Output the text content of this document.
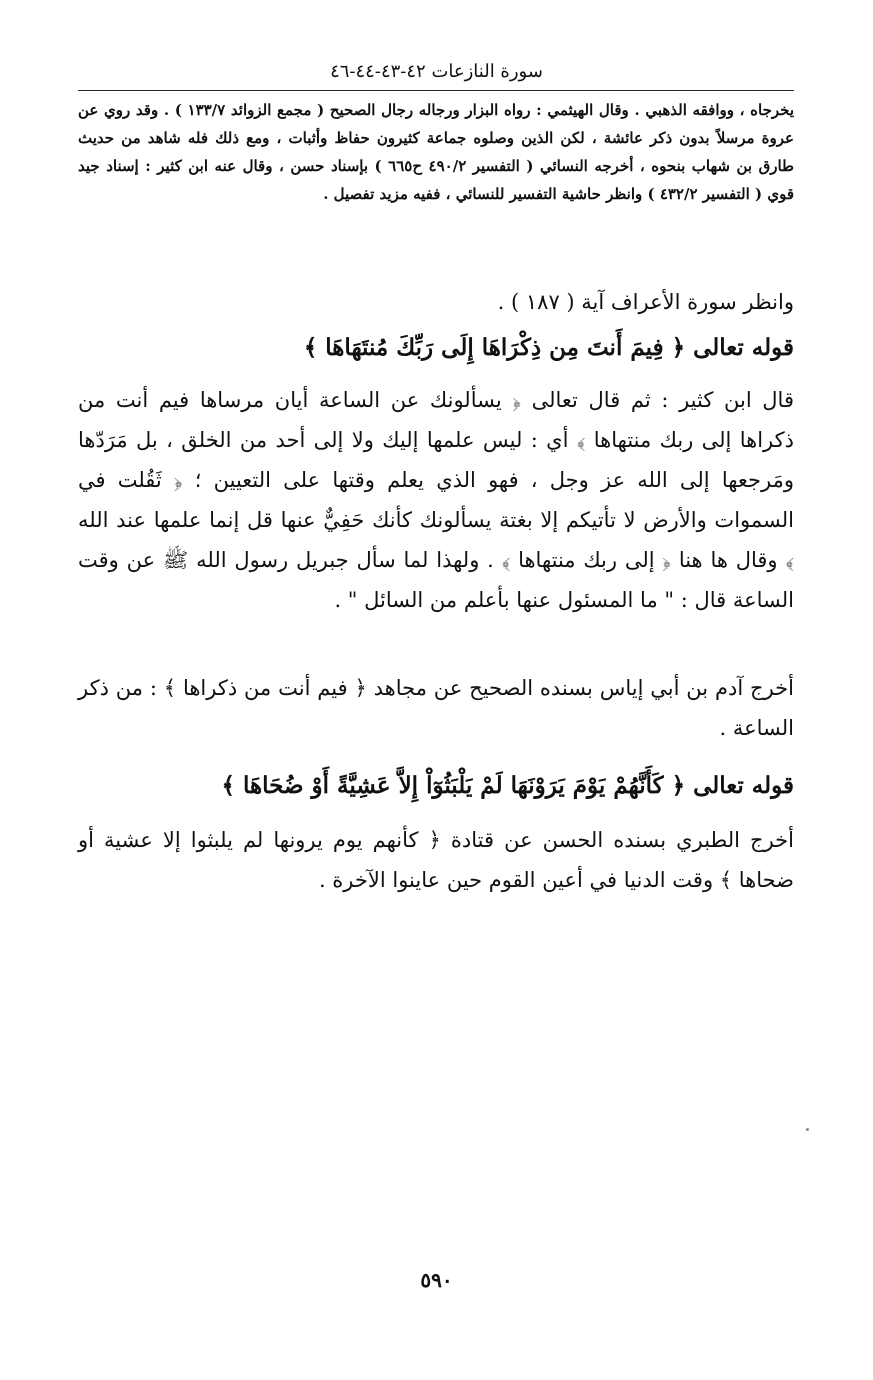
سورة النازعات ٤٢-٤٣-٤٤-٤٦

يخرجاه ، ووافقه الذهبي . وقال الهيثمي : رواه البزار ورجاله رجال الصحيح ( مجمع الزوائد ١٣٣/٧ ) . وقد روي عن عروة مرسلاً بدون ذكر عائشة ، لكن الذين وصلوه جماعة كثيرون حفاظ وأثبات ، ومع ذلك فله شاهد من حديث طارق بن شهاب بنحوه ، أخرجه النسائي ( التفسير ٤٩٠/٢ ح٦٦٥ ) بإسناد حسن ، وقال عنه ابن كثير : إسناد جيد قوي ( التفسير ٤٣٢/٢ ) وانظر حاشية التفسير للنسائي ، ففيه مزيد تفصيل .

وانظر سورة الأعراف آية ( ١٨٧ ) .

قوله تعالى ﴿ فِيمَ أَنتَ مِن ذِكْرَاهَا إِلَى رَبِّكَ مُنتَهَاهَا ﴾

قال ابن كثير : ثم قال تعالى ﴿ يسألونك عن الساعة أيان مرساها فيم أنت من ذكراها إلى ربك منتهاها ﴾ أي : ليس علمها إليك ولا إلى أحد من الخلق ، بل مَرَدّها ومَرجعها إلى الله عز وجل ، فهو الذي يعلم وقتها على التعيين ؛ ﴿ ثَقُلت في السموات والأرض لا تأتيكم إلا بغتة يسألونك كأنك حَفِيٌّ عنها قل إنما علمها عند الله ﴾ وقال ها هنا ﴿ إلى ربك منتهاها ﴾ . ولهذا لما سأل جبريل رسول الله ﷺ عن وقت الساعة قال : " ما المسئول عنها بأعلم من السائل " .

أخرج آدم بن أبي إياس بسنده الصحيح عن مجاهد ﴿ فيم أنت من ذكراها ﴾ : من ذكر الساعة .

قوله تعالى ﴿ كَأَنَّهُمْ يَوْمَ يَرَوْنَهَا لَمْ يَلْبَثُوٓاْ إِلاَّ عَشِيَّةً أَوْ ضُحَاهَا ﴾

أخرج الطبري بسنده الحسن عن قتادة ﴿ كأنهم يوم يرونها لم يلبثوا إلا عشية أو ضحاها ﴾ وقت الدنيا في أعين القوم حين عاينوا الآخرة .

٥٩٠
